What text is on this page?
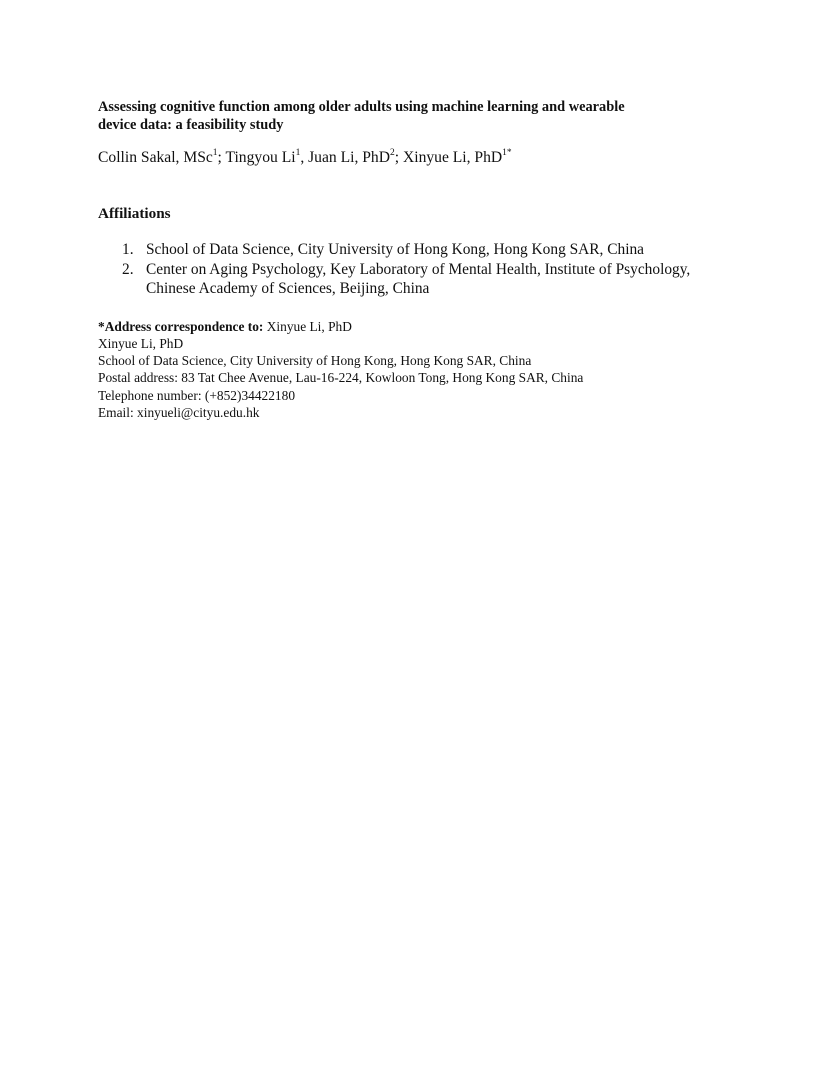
Assessing cognitive function among older adults using machine learning and wearable
device data: a feasibility study

Collin Sakal, MSc$^1$; Tingyou Li$^1$, Juan Li, PhD$^2$; Xinyue Li, PhD$^{1*}$

Affiliations
1. School of Data Science, City University of Hong Kong, Hong Kong SAR, China
2. Center on Aging Psychology, Key Laboratory of Mental Health, Institute of Psychology,
Chinese Academy of Sciences, Beijing, China
*Address correspondence to: Xinyue Li, PhD
Xinyue Li, PhD
School of Data Science, City University of Hong Kong, Hong Kong SAR, China
Postal address: 83 Tat Chee Avenue, Lau-16-224, Kowloon Tong, Hong Kong SAR, China
Telephone number: (+852)34422180
Email: xinyueli@cityu.edu.hk
